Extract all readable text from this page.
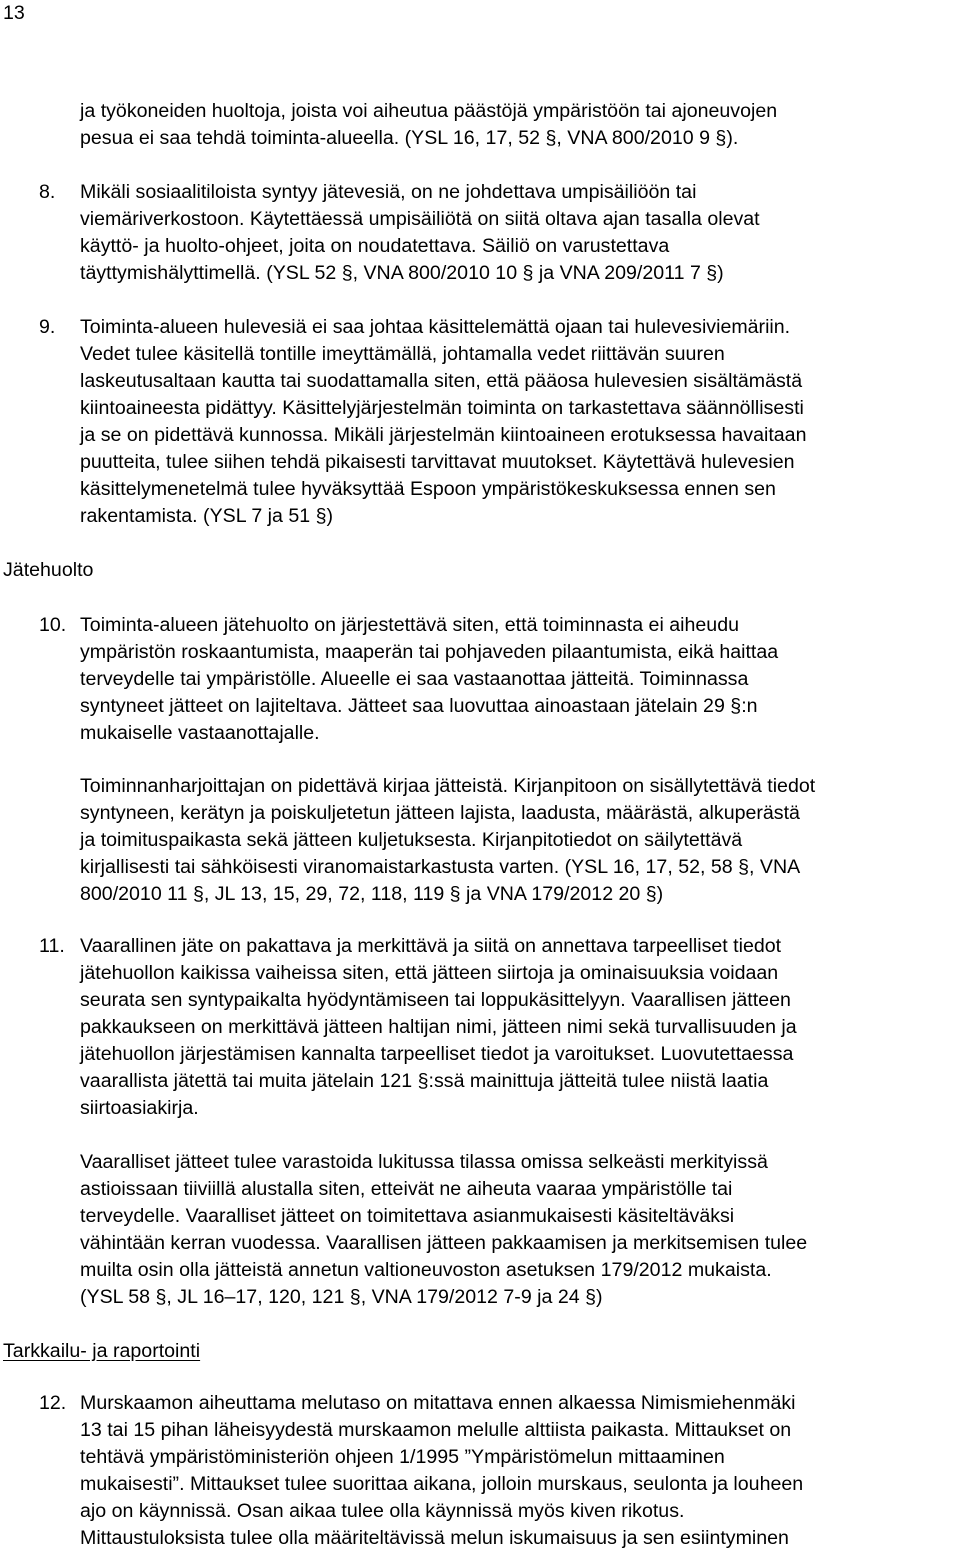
13

ja työkoneiden huoltoja, joista voi aiheutua päästöjä ympäristöön tai ajoneuvojen
pesua ei saa tehdä toiminta-alueella. (YSL 16, 17, 52 §, VNA 800/2010 9 §).

8. Mikäli sosiaalitiloista syntyy jätevesiä, on ne johdettava umpisäiliöön tai
viemäriverkostoon. Käytettäessä umpisäiliötä on siitä oltava ajan tasalla olevat
käyttö- ja huolto-ohjeet, joita on noudatettava. Säiliö on varustettava
täyttymishälyttimellä. (YSL 52 §, VNA 800/2010 10 § ja VNA 209/2011 7 §)

9. Toiminta-alueen hulevesiä ei saa johtaa käsittelemättä ojaan tai hulevesiviemäriin.
Vedet tulee käsitellä tontille imeyttämällä, johtamalla vedet riittävän suuren
laskeutusaltaan kautta tai suodattamalla siten, että pääosa hulevesien sisältämästä
kiintoaineesta pidättyy. Käsittelyjärjestelmän toiminta on tarkastettava säännöllisesti
ja se on pidettävä kunnossa. Mikäli järjestelmän kiintoaineen erotuksessa havaitaan
puutteita, tulee siihen tehdä pikaisesti tarvittavat muutokset. Käytettävä hulevesien
käsittelymenetelmä tulee hyväksyttää Espoon ympäristökeskuksessa ennen sen
rakentamista. (YSL 7 ja 51 §)

Jätehuolto
10. Toiminta-alueen jätehuolto on järjestettävä siten, että toiminnasta ei aiheudu
ympäristön roskaantumista, maaperän tai pohjaveden pilaantumista, eikä haittaa
terveydelle tai ympäristölle. Alueelle ei saa vastaanottaa jätteitä. Toiminnassa
syntyneet jätteet on lajiteltava. Jätteet saa luovuttaa ainoastaan jätelain 29 §:n
mukaiselle vastaanottajalle.

Toiminnanharjoittajan on pidettävä kirjaa jätteistä. Kirjanpitoon on sisällytettävä tiedot
syntyneen, kerätyn ja poiskuljetetun jätteen lajista, laadusta, määrästä, alkuperästä
ja toimituspaikasta sekä jätteen kuljetuksesta. Kirjanpitotiedot on säilytettävä
kirjallisesti tai sähköisesti viranomaistarkastusta varten. (YSL 16, 17, 52, 58 §, VNA
800/2010 11 §, JL 13, 15, 29, 72, 118, 119 § ja VNA 179/2012 20 §)

11. Vaarallinen jäte on pakattava ja merkittävä ja siitä on annettava tarpeelliset tiedot
jätehuollon kaikissa vaiheissa siten, että jätteen siirtoja ja ominaisuuksia voidaan
seurata sen syntypaikalta hyödyntämiseen tai loppukäsittelyyn. Vaarallisen jätteen
pakkaukseen on merkittävä jätteen haltijan nimi, jätteen nimi sekä turvallisuuden ja
jätehuollon järjestämisen kannalta tarpeelliset tiedot ja varoitukset. Luovutettaessa
vaarallista jätettä tai muita jätelain 121 §:ssä mainittuja jätteitä tulee niistä laatia
siirtoasiakirja.

Vaaralliset jätteet tulee varastoida lukitussa tilassa omissa selkeästi merkityissä
astioissaan tiiviillä alustalla siten, etteivät ne aiheuta vaaraa ympäristölle tai
terveydelle. Vaaralliset jätteet on toimitettava asianmukaisesti käsiteltäväksi
vähintään kerran vuodessa. Vaarallisen jätteen pakkaamisen ja merkitsemisen tulee
muilta osin olla jätteistä annetun valtioneuvoston asetuksen 179/2012 mukaista.
(YSL 58 §, JL 16–17, 120, 121 §, VNA 179/2012 7-9 ja 24 §)

Tarkkailu- ja raportointi
12. Murskaamon aiheuttama melutaso on mitattava ennen alkaessa Nimismiehenmäki
13 tai 15 pihan läheisyydestä murskaamon melulle alttiista paikasta. Mittaukset on
tehtävä ympäristöministeriön ohjeen 1/1995 ”Ympäristömelun mittaaminen
mukaisesti”. Mittaukset tulee suorittaa aikana, jolloin murskaus, seulonta ja louheen
ajo on käynnissä. Osan aikaa tulee olla käynnissä myös kiven rikotus.
Mittaustuloksista tulee olla määriteltävissä melun iskumaisuus ja sen esiintyminen
